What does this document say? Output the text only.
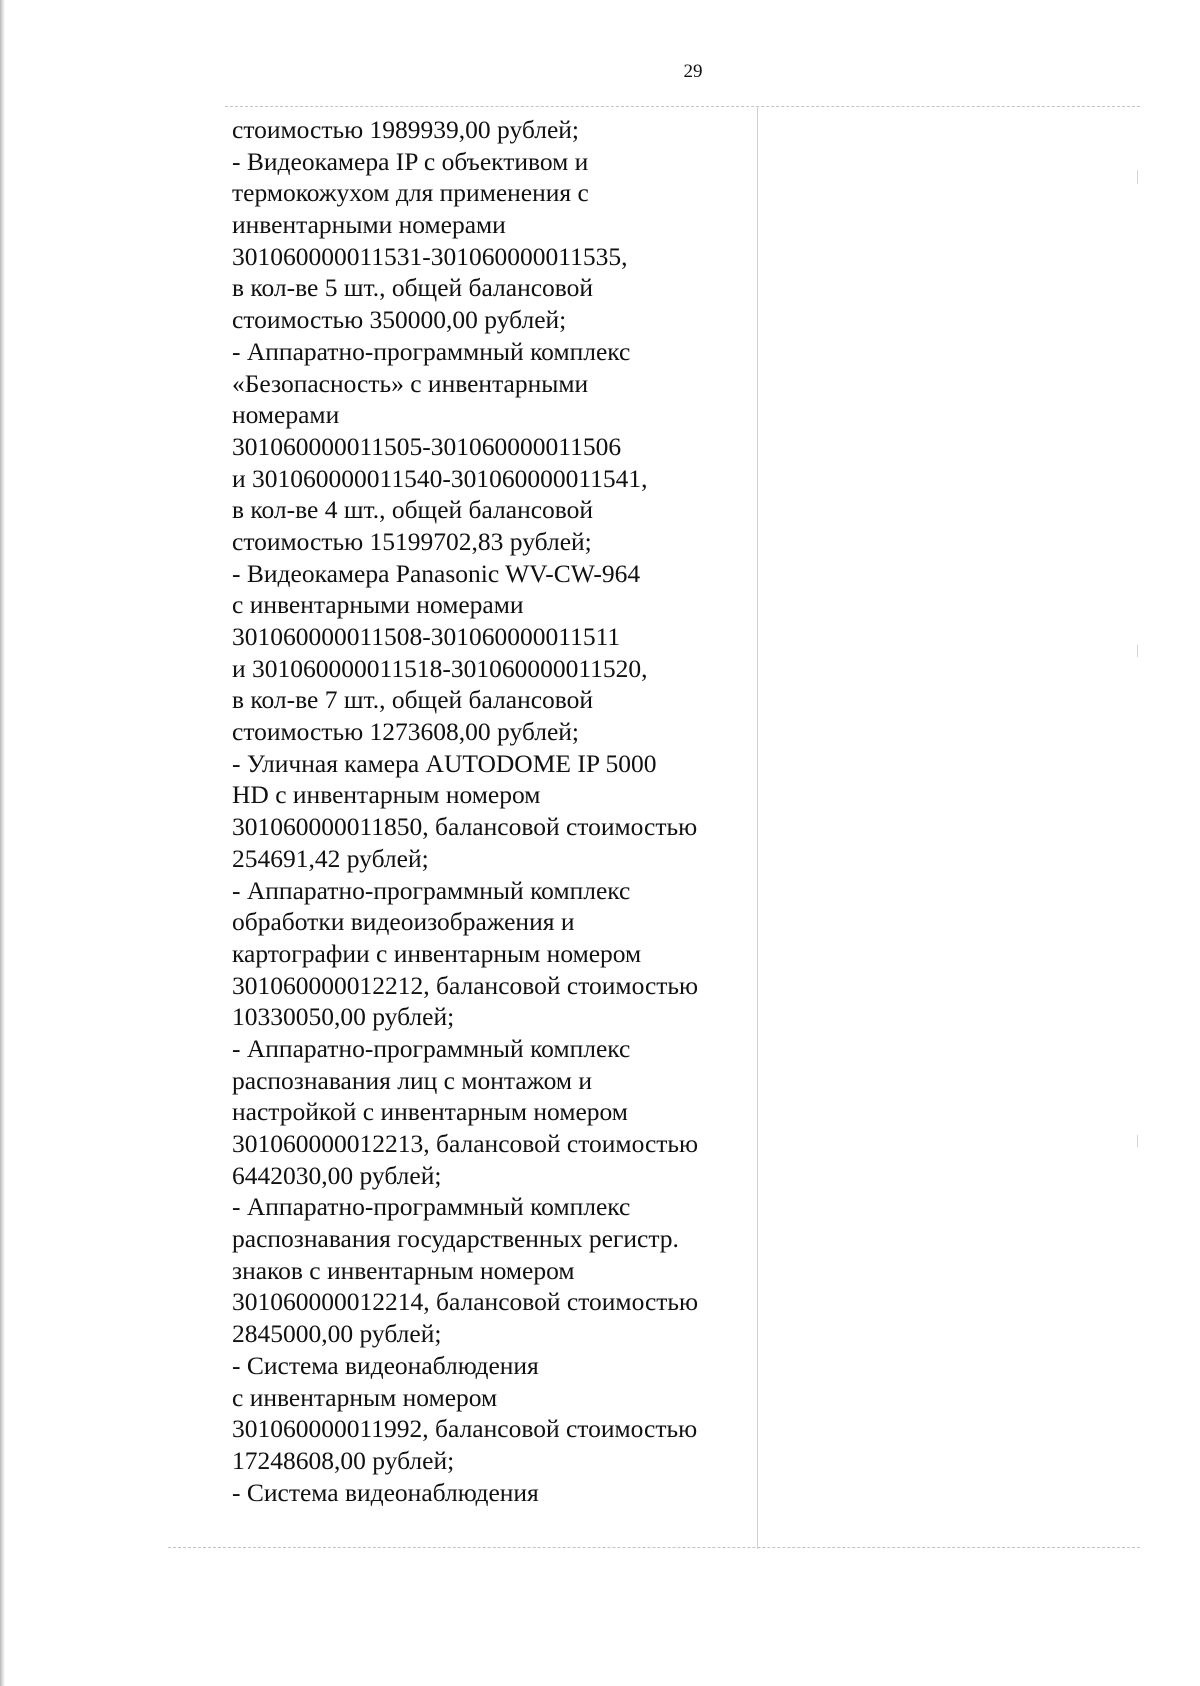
29
стоимостью 1989939,00 рублей;
- Видеокамера IP с объективом и
термокожухом для применения с
инвентарными номерами
301060000011531-301060000011535,
в кол-ве 5 шт., общей балансовой
стоимостью 350000,00 рублей;
- Аппаратно-программный комплекс
«Безопасность» с инвентарными
номерами
301060000011505-301060000011506
и 301060000011540-301060000011541,
в кол-ве 4 шт., общей балансовой
стоимостью 15199702,83 рублей;
- Видеокамера Panasonic WV-CW-964
с инвентарными номерами
301060000011508-301060000011511
и 301060000011518-301060000011520,
в кол-ве 7 шт., общей балансовой
стоимостью 1273608,00 рублей;
- Уличная камера AUTODOME IP 5000
HD с инвентарным номером
301060000011850, балансовой стоимостью
254691,42 рублей;
- Аппаратно-программный комплекс
обработки видеоизображения и
картографии с инвентарным номером
301060000012212, балансовой стоимостью
10330050,00 рублей;
- Аппаратно-программный комплекс
распознавания лиц с монтажом и
настройкой с инвентарным номером
301060000012213, балансовой стоимостью
6442030,00 рублей;
- Аппаратно-программный комплекс
распознавания государственных регистр.
знаков с инвентарным номером
301060000012214, балансовой стоимостью
2845000,00 рублей;
- Система видеонаблюдения
с инвентарным номером
301060000011992, балансовой стоимостью
17248608,00 рублей;
- Система видеонаблюдения
